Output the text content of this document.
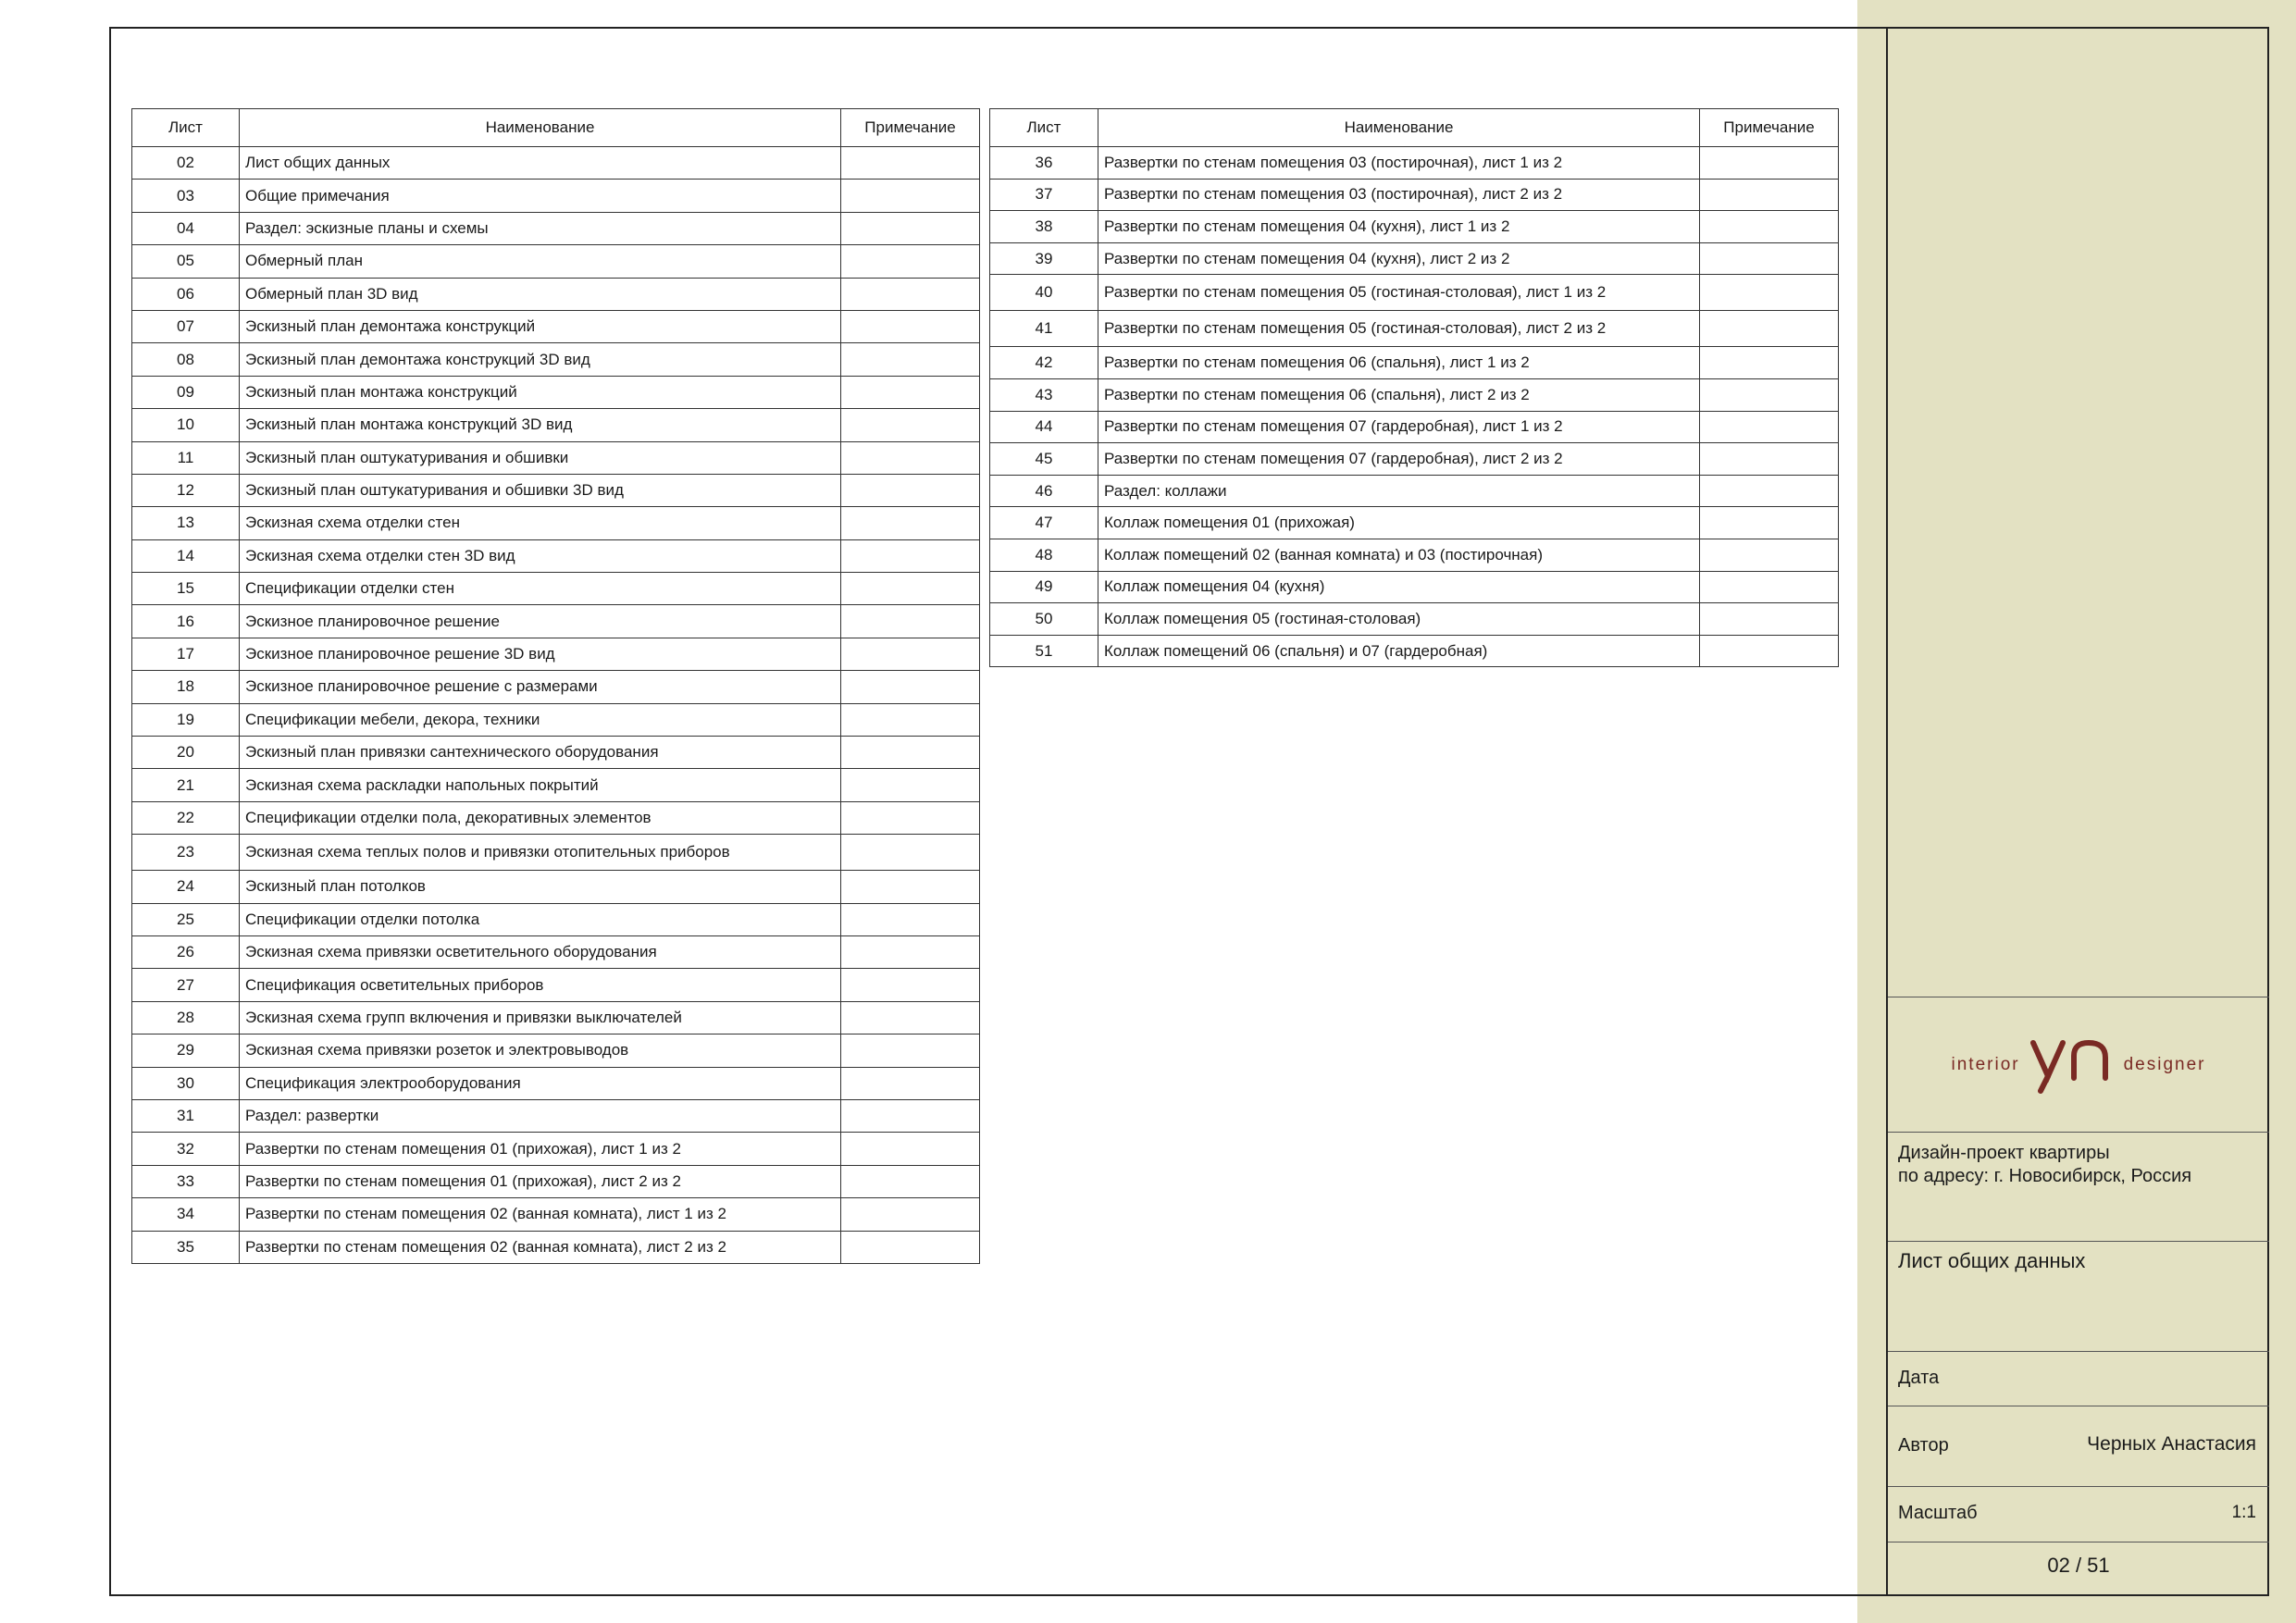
Лист	Наименование	Примечание
02	Лист общих данных	
03	Общие примечания	
04	Раздел: эскизные планы и схемы	
05	Обмерный план	
06	Обмерный план 3D вид	
07	Эскизный план демонтажа конструкций	
08	Эскизный план демонтажа конструкций 3D вид	
09	Эскизный план монтажа конструкций	
10	Эскизный план монтажа конструкций 3D вид	
11	Эскизный план оштукатуривания и обшивки	
12	Эскизный план оштукатуривания и обшивки 3D вид	
13	Эскизная схема отделки стен	
14	Эскизная схема отделки стен 3D вид	
15	Спецификации отделки стен	
16	Эскизное планировочное решение	
17	Эскизное планировочное решение 3D вид	
18	Эскизное планировочное решение с размерами	
19	Спецификации мебели, декора, техники	
20	Эскизный план привязки сантехнического оборудования	
21	Эскизная схема раскладки напольных покрытий	
22	Спецификации отделки пола, декоративных элементов	
23	Эскизная схема теплых полов и привязки отопительных приборов	
24	Эскизный план потолков	
25	Спецификации отделки потолка	
26	Эскизная схема привязки осветительного оборудования	
27	Спецификация осветительных приборов	
28	Эскизная схема групп включения и привязки выключателей	
29	Эскизная схема привязки розеток и электровыводов	
30	Спецификация электрооборудования	
31	Раздел: развертки	
32	Развертки по стенам помещения 01 (прихожая), лист 1 из 2	
33	Развертки по стенам помещения 01 (прихожая), лист 2 из 2	
34	Развертки по стенам помещения 02 (ванная комната), лист 1 из 2	
35	Развертки по стенам помещения 02 (ванная комната), лист 2 из 2	
Лист	Наименование	Примечание
36	Развертки по стенам помещения 03 (постирочная), лист 1 из 2	
37	Развертки по стенам помещения 03 (постирочная), лист 2 из 2	
38	Развертки по стенам помещения 04 (кухня), лист 1 из 2	
39	Развертки по стенам помещения 04 (кухня), лист 2 из 2	
40	Развертки по стенам помещения 05 (гостиная-столовая), лист 1 из 2	
41	Развертки по стенам помещения 05 (гостиная-столовая), лист 2 из 2	
42	Развертки по стенам помещения 06 (спальня), лист 1 из 2	
43	Развертки по стенам помещения 06 (спальня), лист 2 из 2	
44	Развертки по стенам помещения 07 (гардеробная), лист 1 из 2	
45	Развертки по стенам помещения 07 (гардеробная), лист 2 из 2	
46	Раздел: коллажи	
47	Коллаж помещения 01 (прихожая)	
48	Коллаж помещений 02 (ванная комната) и 03 (постирочная)	
49	Коллаж помещения 04 (кухня)	
50	Коллаж помещения 05 (гостиная-столовая)	
51	Коллаж помещений 06 (спальня) и 07 (гардеробная)	
interior	designer
Дизайн-проект квартиры
по адресу: г. Новосибирск, Россия
Лист общих данных
Дата
Автор	Черных Анастасия
Масштаб	1:1
02 / 51
